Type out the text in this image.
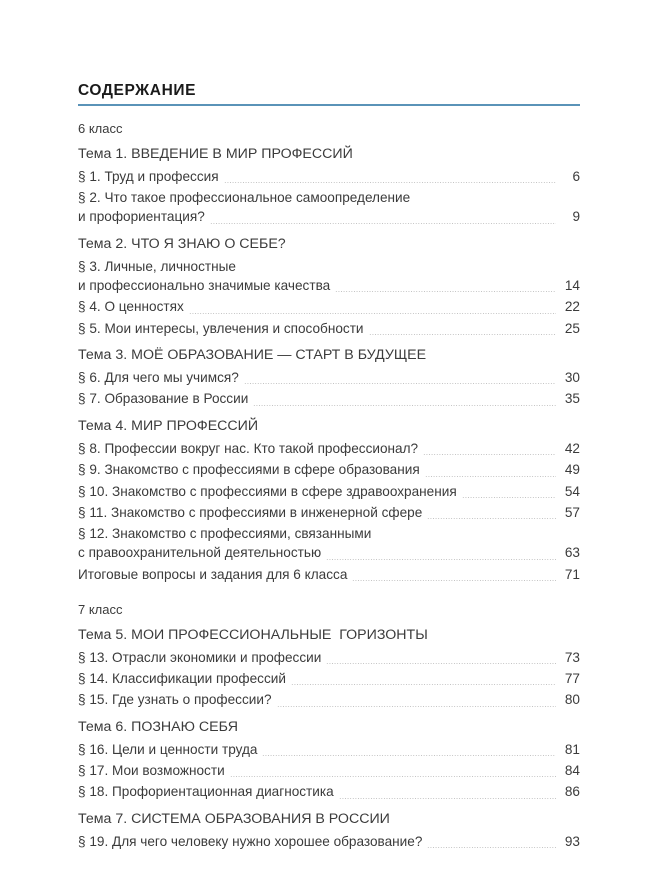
СОДЕРЖАНИЕ
6 класс
Тема 1. ВВЕДЕНИЕ В МИР ПРОФЕССИЙ
§ 1. Труд и профессия	6
§ 2. Что такое профессиональное самоопределение
и профориентация?	9
Тема 2. ЧТО Я ЗНАЮ О СЕБЕ?
§ 3. Личные, личностные
и профессионально значимые качества	14
§ 4. О ценностях	22
§ 5. Мои интересы, увлечения и способности	25
Тема 3. МОЁ ОБРАЗОВАНИЕ — СТАРТ В БУДУЩЕЕ
§ 6. Для чего мы учимся?	30
§ 7. Образование в России	35
Тема 4. МИР ПРОФЕССИЙ
§ 8. Профессии вокруг нас. Кто такой профессионал?	42
§ 9. Знакомство с профессиями в сфере образования	49
§ 10. Знакомство с профессиями в сфере здравоохранения	54
§ 11. Знакомство с профессиями в инженерной сфере	57
§ 12. Знакомство с профессиями, связанными
с правоохранительной деятельностью	63
Итоговые вопросы и задания для 6 класса	71
7 класс
Тема 5. МОИ ПРОФЕССИОНАЛЬНЫЕ  ГОРИЗОНТЫ
§ 13. Отрасли экономики и профессии	73
§ 14. Классификации профессий	77
§ 15. Где узнать о профессии?	80
Тема 6. ПОЗНАЮ СЕБЯ
§ 16. Цели и ценности труда	81
§ 17. Мои возможности	84
§ 18. Профориентационная диагностика	86
Тема 7. СИСТЕМА ОБРАЗОВАНИЯ В РОССИИ
§ 19. Для чего человеку нужно хорошее образование?	93
